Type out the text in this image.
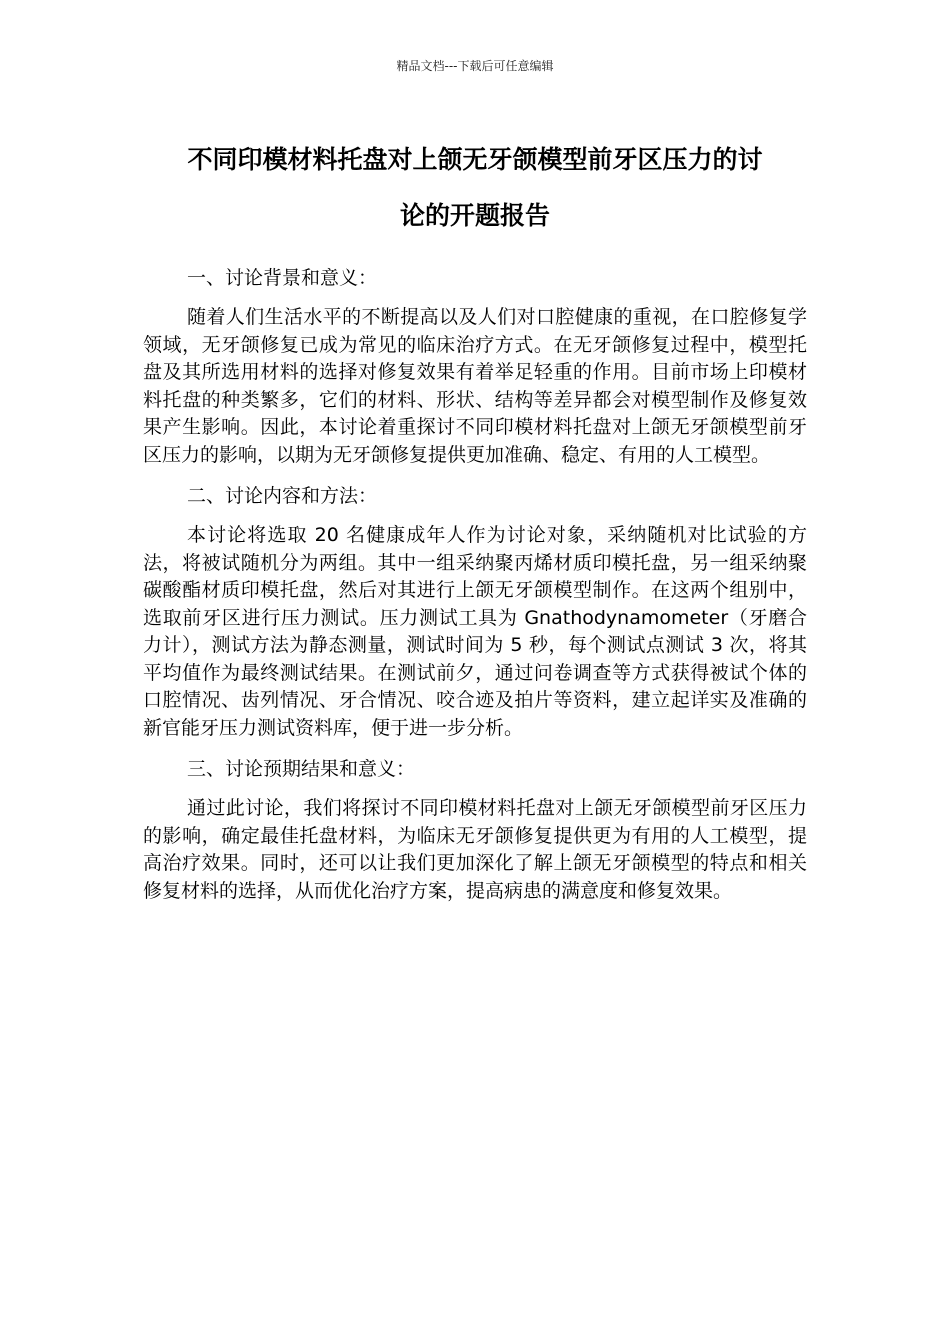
精品文档---下载后可任意编辑
不同印模材料托盘对上颌无牙颌模型前牙区压力的讨
论的开题报告

一、讨论背景和意义：

随着人们生活水平的不断提高以及人们对口腔健康的重视，在口腔修复学领域，无牙颌修复已成为常见的临床治疗方式。在无牙颌修复过程中，模型托盘及其所选用材料的选择对修复效果有着举足轻重的作用。目前市场上印模材料托盘的种类繁多，它们的材料、形状、结构等差异都会对模型制作及修复效果产生影响。因此，本讨论着重探讨不同印模材料托盘对上颌无牙颌模型前牙区压力的影响，以期为无牙颌修复提供更加准确、稳定、有用的人工模型。

二、讨论内容和方法：

本讨论将选取 20 名健康成年人作为讨论对象，采纳随机对比试验的方法，将被试随机分为两组。其中一组采纳聚丙烯材质印模托盘，另一组采纳聚碳酸酯材质印模托盘，然后对其进行上颌无牙颌模型制作。在这两个组别中，选取前牙区进行压力测试。压力测试工具为 Gnathodynamometer（牙磨合力计），测试方法为静态测量，测试时间为 5 秒，每个测试点测试 3 次，将其平均值作为最终测试结果。在测试前夕，通过问卷调查等方式获得被试个体的口腔情况、齿列情况、牙合情况、咬合迹及拍片等资料，建立起详实及准确的新官能牙压力测试资料库，便于进一步分析。

三、讨论预期结果和意义：

通过此讨论，我们将探讨不同印模材料托盘对上颌无牙颌模型前牙区压力的影响，确定最佳托盘材料，为临床无牙颌修复提供更为有用的人工模型，提高治疗效果。同时，还可以让我们更加深化了解上颌无牙颌模型的特点和相关修复材料的选择，从而优化治疗方案，提高病患的满意度和修复效果。
